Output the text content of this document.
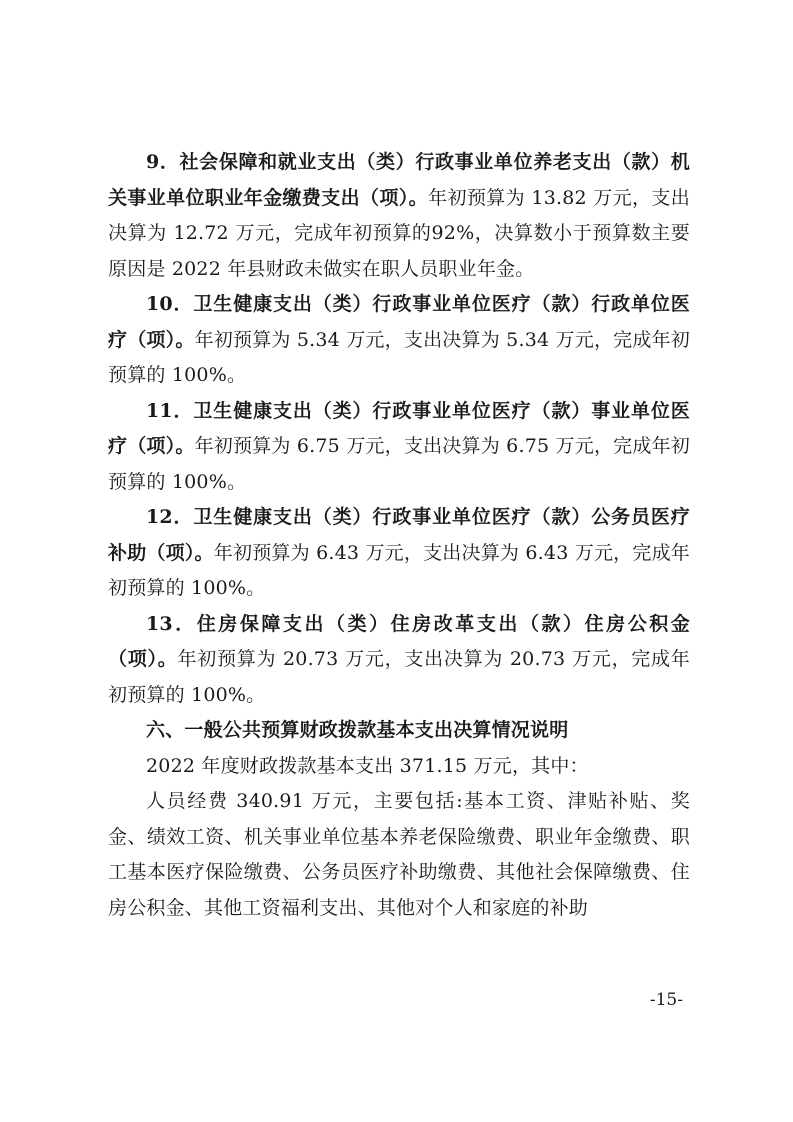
9．社会保障和就业支出（类）行政事业单位养老支出（款）机关事业单位职业年金缴费支出（项）。年初预算为 13.82 万元，支出决算为 12.72 万元，完成年初预算的92%，决算数小于预算数主要原因是 2022 年县财政未做实在职人员职业年金。

10．卫生健康支出（类）行政事业单位医疗（款）行政单位医疗（项）。年初预算为 5.34 万元，支出决算为 5.34 万元，完成年初预算的 100%。

11．卫生健康支出（类）行政事业单位医疗（款）事业单位医疗（项）。年初预算为 6.75 万元，支出决算为 6.75 万元，完成年初预算的 100%。

12．卫生健康支出（类）行政事业单位医疗（款）公务员医疗补助（项）。年初预算为 6.43 万元，支出决算为 6.43 万元，完成年初预算的 100%。

13．住房保障支出（类）住房改革支出（款）住房公积金（项）。年初预算为 20.73 万元，支出决算为 20.73 万元，完成年初预算的 100%。

六、一般公共预算财政拨款基本支出决算情况说明

2022 年度财政拨款基本支出 371.15 万元，其中：

人员经费 340.91 万元，主要包括:基本工资、津贴补贴、奖金、绩效工资、机关事业单位基本养老保险缴费、职业年金缴费、职工基本医疗保险缴费、公务员医疗补助缴费、其他社会保障缴费、住房公积金、其他工资福利支出、其他对个人和家庭的补助

-15-
